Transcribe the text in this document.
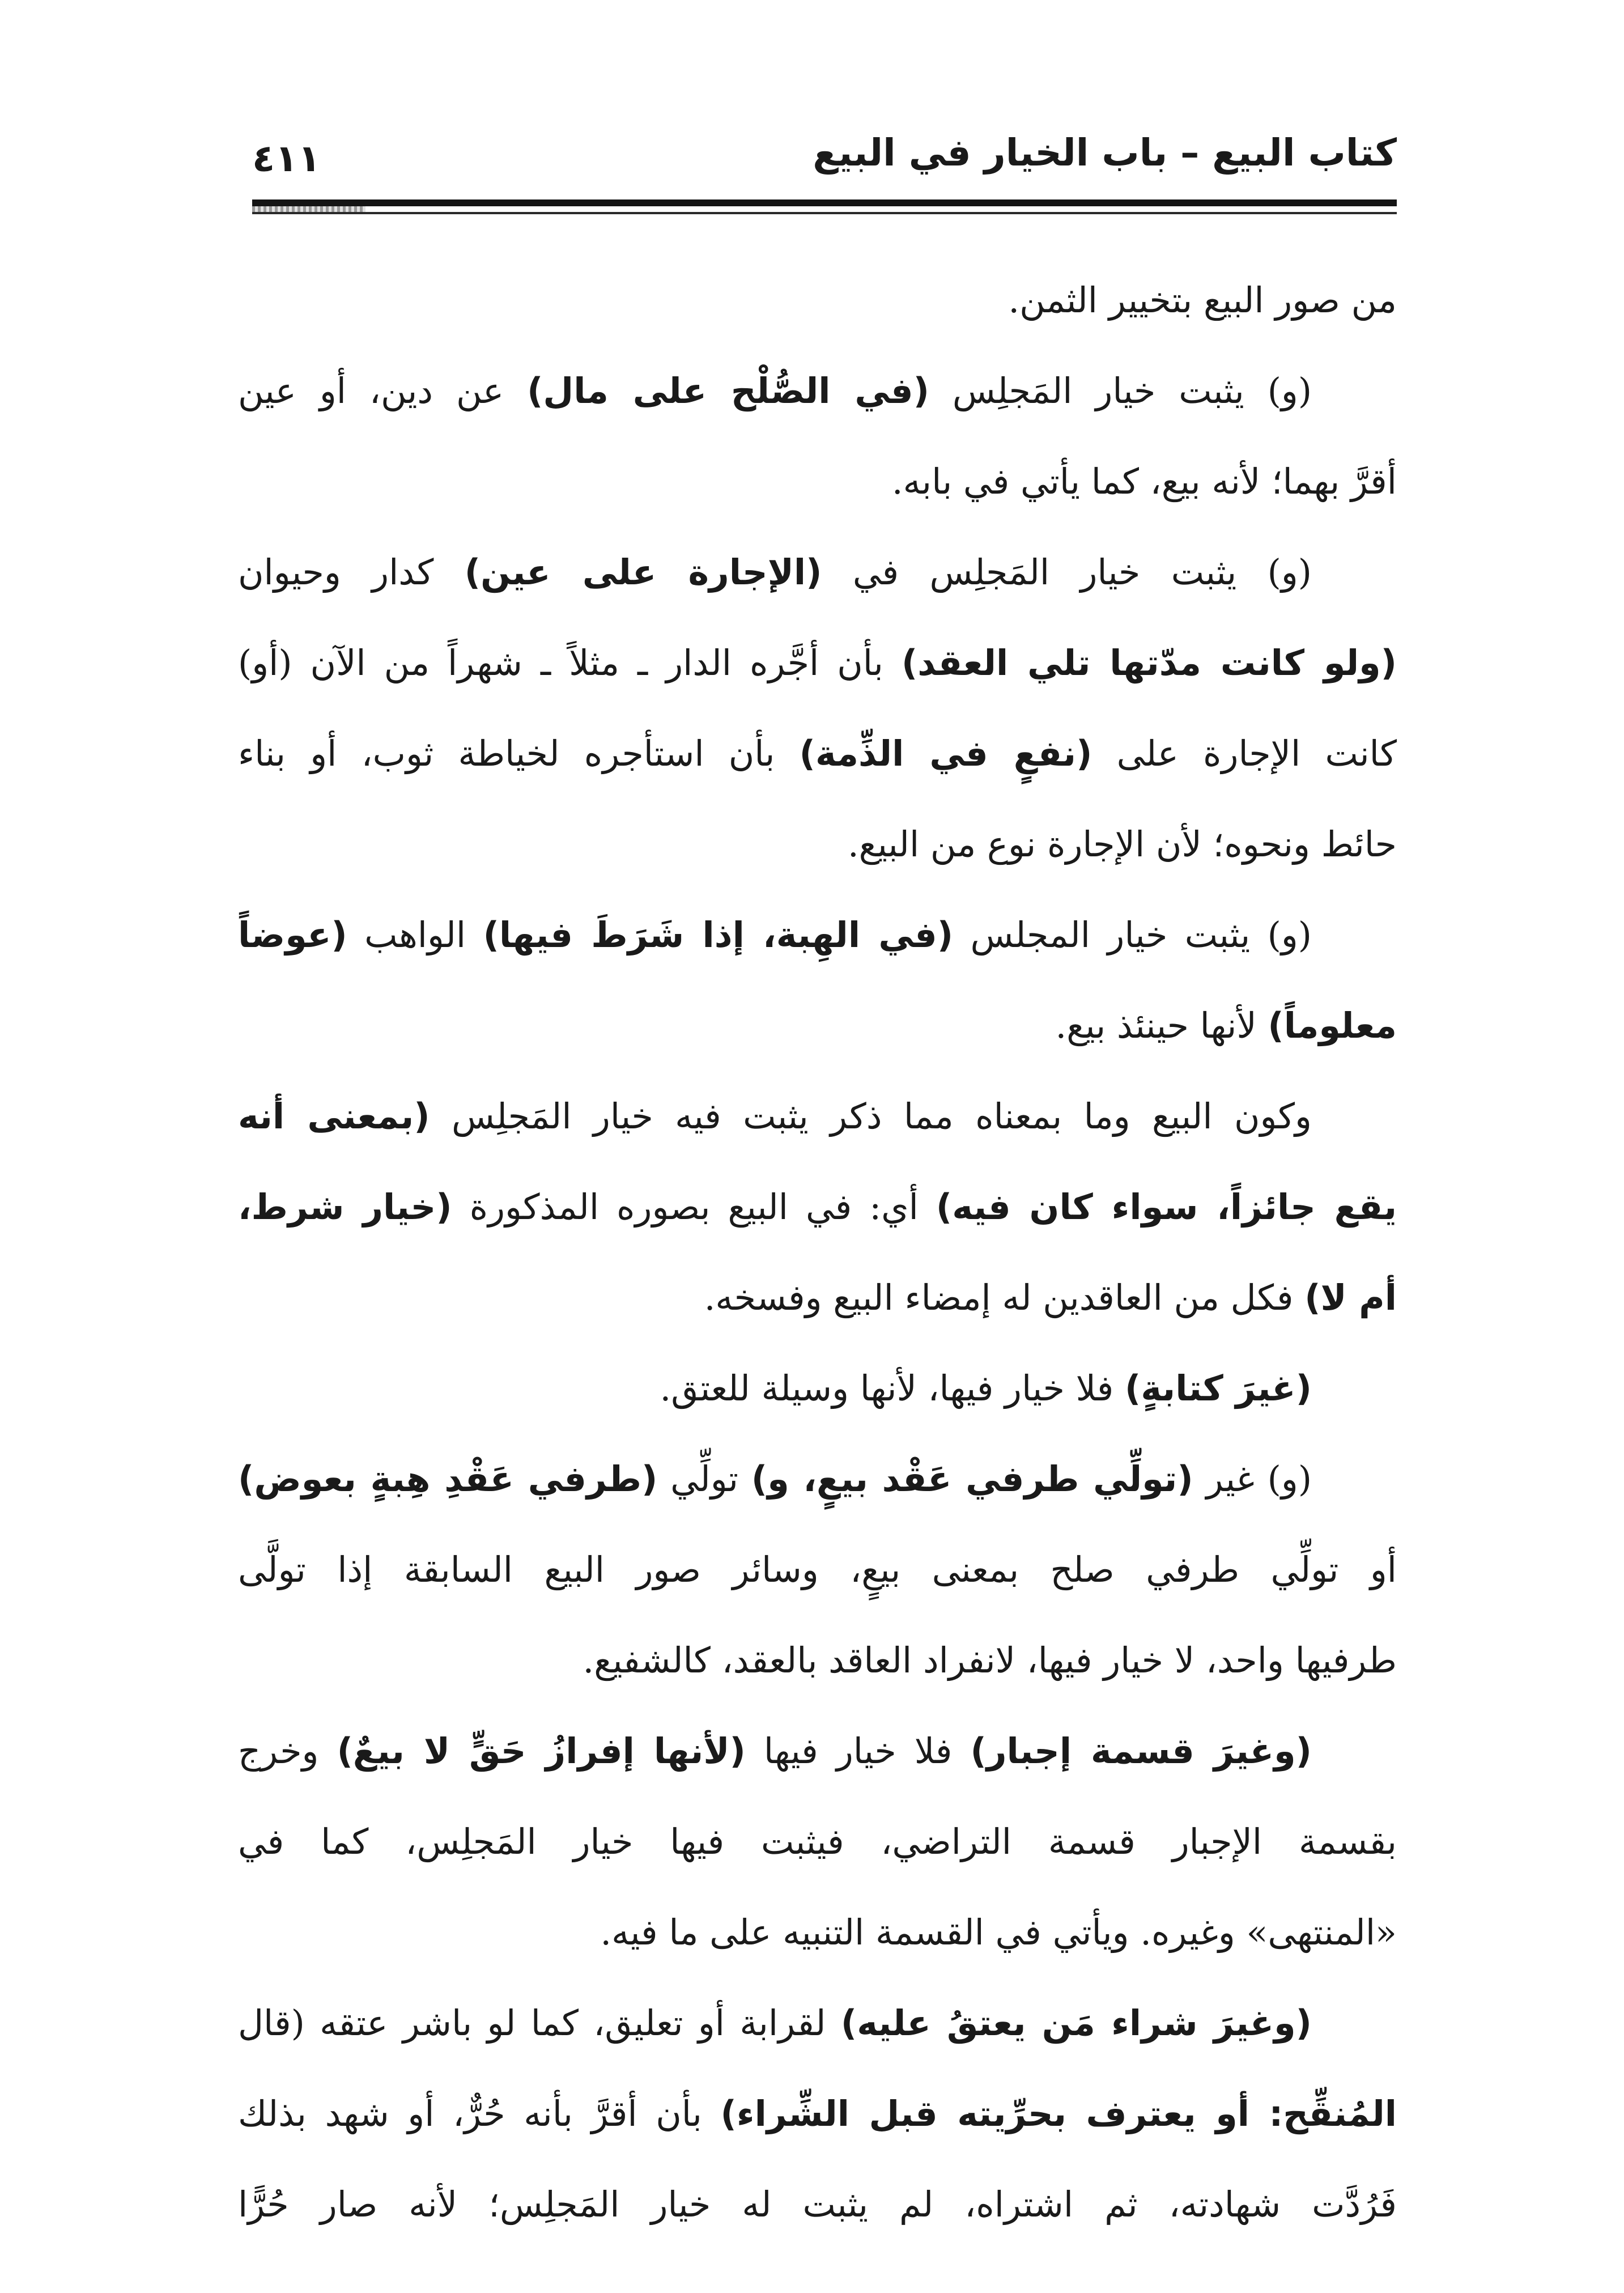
كتاب البيع – باب الخيار في البيع
٤١١
من صور البيع بتخيير الثمن.
(و) يثبت خيار المَجلِس (في الصُّلْح على مال) عن دين، أو عين
أقرَّ بهما؛ لأنه بيع، كما يأتي في بابه.
(و) يثبت خيار المَجلِس في (الإجارة على عين) كدار وحيوان
(ولو كانت مدّتها تلي العقد) بأن أجَّره الدار ـ مثلاً ـ شهراً من الآن (أو)
كانت الإجارة على (نفعٍ في الذِّمة) بأن استأجره لخياطة ثوب، أو بناء
حائط ونحوه؛ لأن الإجارة نوع من البيع.
(و) يثبت خيار المجلس (في الهِبة، إذا شَرَطَ فيها) الواهب (عوضاً
معلوماً) لأنها حينئذ بيع.
وكون البيع وما بمعناه مما ذكر يثبت فيه خيار المَجلِس (بمعنى أنه
يقع جائزاً، سواء كان فيه) أي: في البيع بصوره المذكورة (خيار شرط،
أم لا) فكل من العاقدين له إمضاء البيع وفسخه.
(غيرَ كتابةٍ) فلا خيار فيها، لأنها وسيلة للعتق.
(و) غير (تولِّي طرفي عَقْد بيعٍ، و) تولِّي (طرفي عَقْدِ هِبةٍ بعوض)
أو تولِّي طرفي صلح بمعنى بيعٍ، وسائر صور البيع السابقة إذا تولَّى
طرفيها واحد، لا خيار فيها، لانفراد العاقد بالعقد، كالشفيع.
(وغيرَ قسمة إجبار) فلا خيار فيها (لأنها إفرازُ حَقٍّ لا بيعٌ) وخرج
بقسمة الإجبار قسمة التراضي، فيثبت فيها خيار المَجلِس، كما في
«المنتهى» وغيره. ويأتي في القسمة التنبيه على ما فيه.
(وغيرَ شراء مَن يعتقُ عليه) لقرابة أو تعليق، كما لو باشر عتقه (قال
المُنقِّح: أو يعترف بحرِّيته قبل الشِّراء) بأن أقرَّ بأنه حُرٌّ، أو شهد بذلك
فَرُدَّت شهادته، ثم اشتراه، لم يثبت له خيار المَجلِس؛ لأنه صار حُرًّا
